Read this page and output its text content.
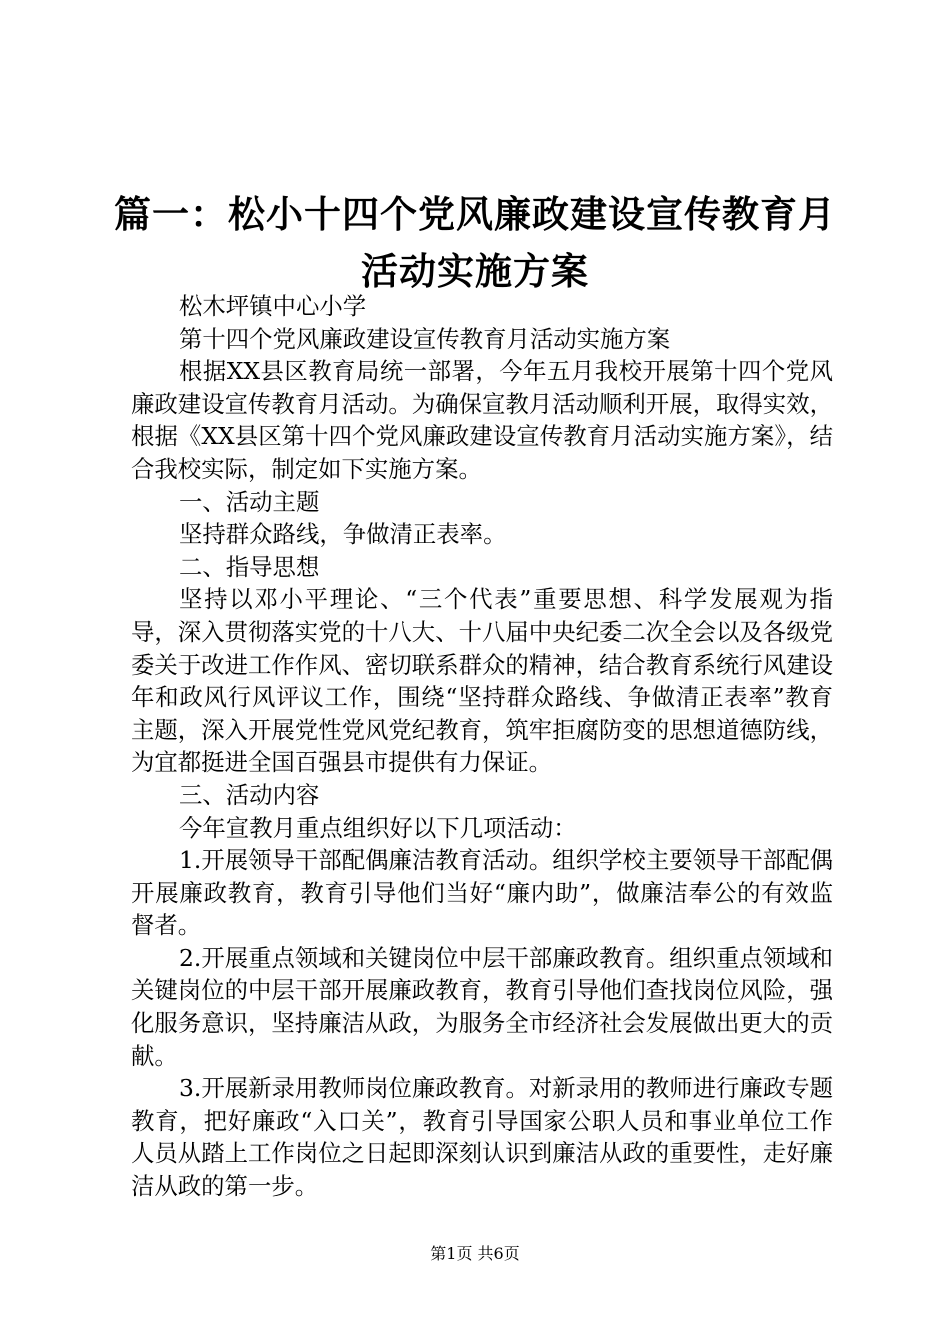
篇一：松小十四个党风廉政建设宣传教育月活动实施方案

松木坪镇中心小学

第十四个党风廉政建设宣传教育月活动实施方案

根据XX县区教育局统一部署，今年五月我校开展第十四个党风廉政建设宣传教育月活动。为确保宣教月活动顺利开展，取得实效，根据《XX县区第十四个党风廉政建设宣传教育月活动实施方案》，结合我校实际，制定如下实施方案。

一、活动主题

坚持群众路线，争做清正表率。

二、指导思想

坚持以邓小平理论、“三个代表”重要思想、科学发展观为指导，深入贯彻落实党的十八大、十八届中央纪委二次全会以及各级党委关于改进工作作风、密切联系群众的精神，结合教育系统行风建设年和政风行风评议工作，围绕“坚持群众路线、争做清正表率”教育主题，深入开展党性党风党纪教育，筑牢拒腐防变的思想道德防线，为宜都挺进全国百强县市提供有力保证。

三、活动内容

今年宣教月重点组织好以下几项活动：

1.开展领导干部配偶廉洁教育活动。组织学校主要领导干部配偶开展廉政教育，教育引导他们当好“廉内助”，做廉洁奉公的有效监督者。

2.开展重点领域和关键岗位中层干部廉政教育。组织重点领域和关键岗位的中层干部开展廉政教育，教育引导他们查找岗位风险，强化服务意识，坚持廉洁从政，为服务全市经济社会发展做出更大的贡献。

3.开展新录用教师岗位廉政教育。对新录用的教师进行廉政专题教育，把好廉政“入口关”，教育引导国家公职人员和事业单位工作人员从踏上工作岗位之日起即深刻认识到廉洁从政的重要性，走好廉洁从政的第一步。

第1页 共6页
